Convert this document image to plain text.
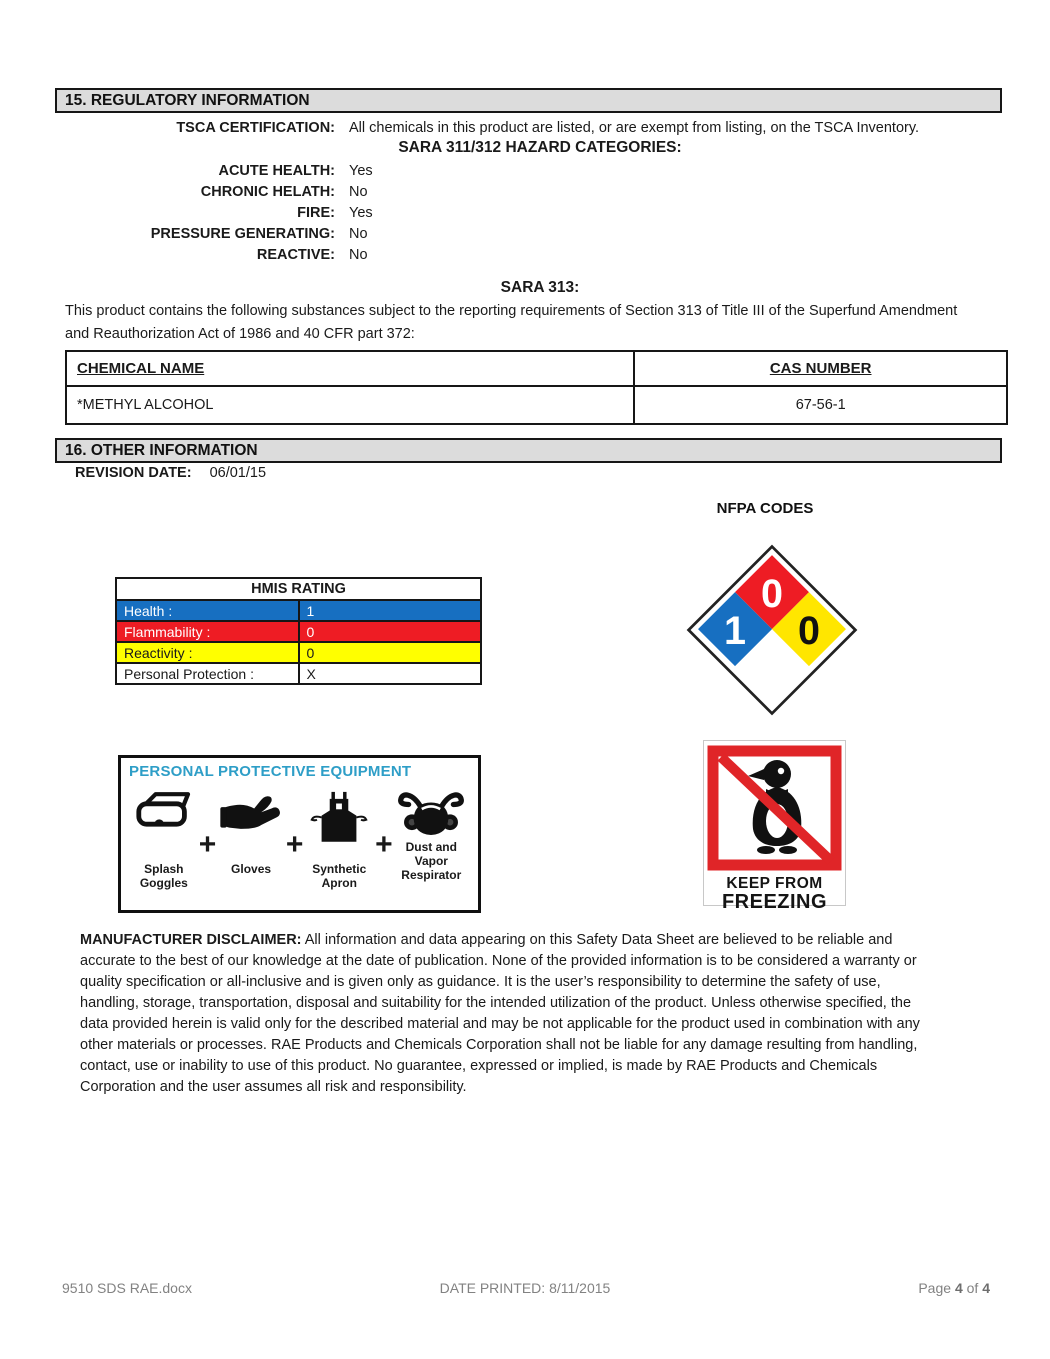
15. REGULATORY INFORMATION
TSCA CERTIFICATION: All chemicals in this product are listed, or are exempt from listing, on the TSCA Inventory.
SARA 311/312 HAZARD CATEGORIES:
ACUTE HEALTH: Yes
CHRONIC HELATH: No
FIRE: Yes
PRESSURE GENERATING: No
REACTIVE: No
SARA 313:
This product contains the following substances subject to the reporting requirements of Section 313 of Title III of the Superfund Amendment and Reauthorization Act of 1986 and 40 CFR part 372:
CHEMICAL NAME	CAS NUMBER
*METHYL ALCOHOL	67-56-1
16. OTHER INFORMATION
REVISION DATE: 06/01/15
NFPA CODES
HMIS RATING	
Health :	1
Flammability :	0
Reactivity :	0
Personal Protection :	X
0
1 0
PERSONAL PROTECTIVE EQUIPMENT
Splash Goggles
+
Gloves
+
Synthetic Apron
+	Dust and Vapor Respirator	KEEP FROM
FREEZING
MANUFACTURER DISCLAIMER: All information and data appearing on this Safety Data Sheet are believed to be reliable and accurate to the best of our knowledge at the date of publication. None of the provided information is to be considered a warranty or quality specification or all-inclusive and is given only as guidance. It is the user’s responsibility to determine the safety of use, handling, storage, transportation, disposal and suitability for the intended utilization of the product. Unless otherwise specified, the data provided herein is valid only for the described material and may be not applicable for the product used in combination with any other materials or processes. RAE Products and Chemicals Corporation shall not be liable for any damage resulting from handling, contact, use or inability to use of this product. No guarantee, expressed or implied, is made by RAE Products and Chemicals Corporation and the user assumes all risk and responsibility.
9510 SDS RAE.docx	DATE PRINTED: 8/11/2015	Page 4 of 4
